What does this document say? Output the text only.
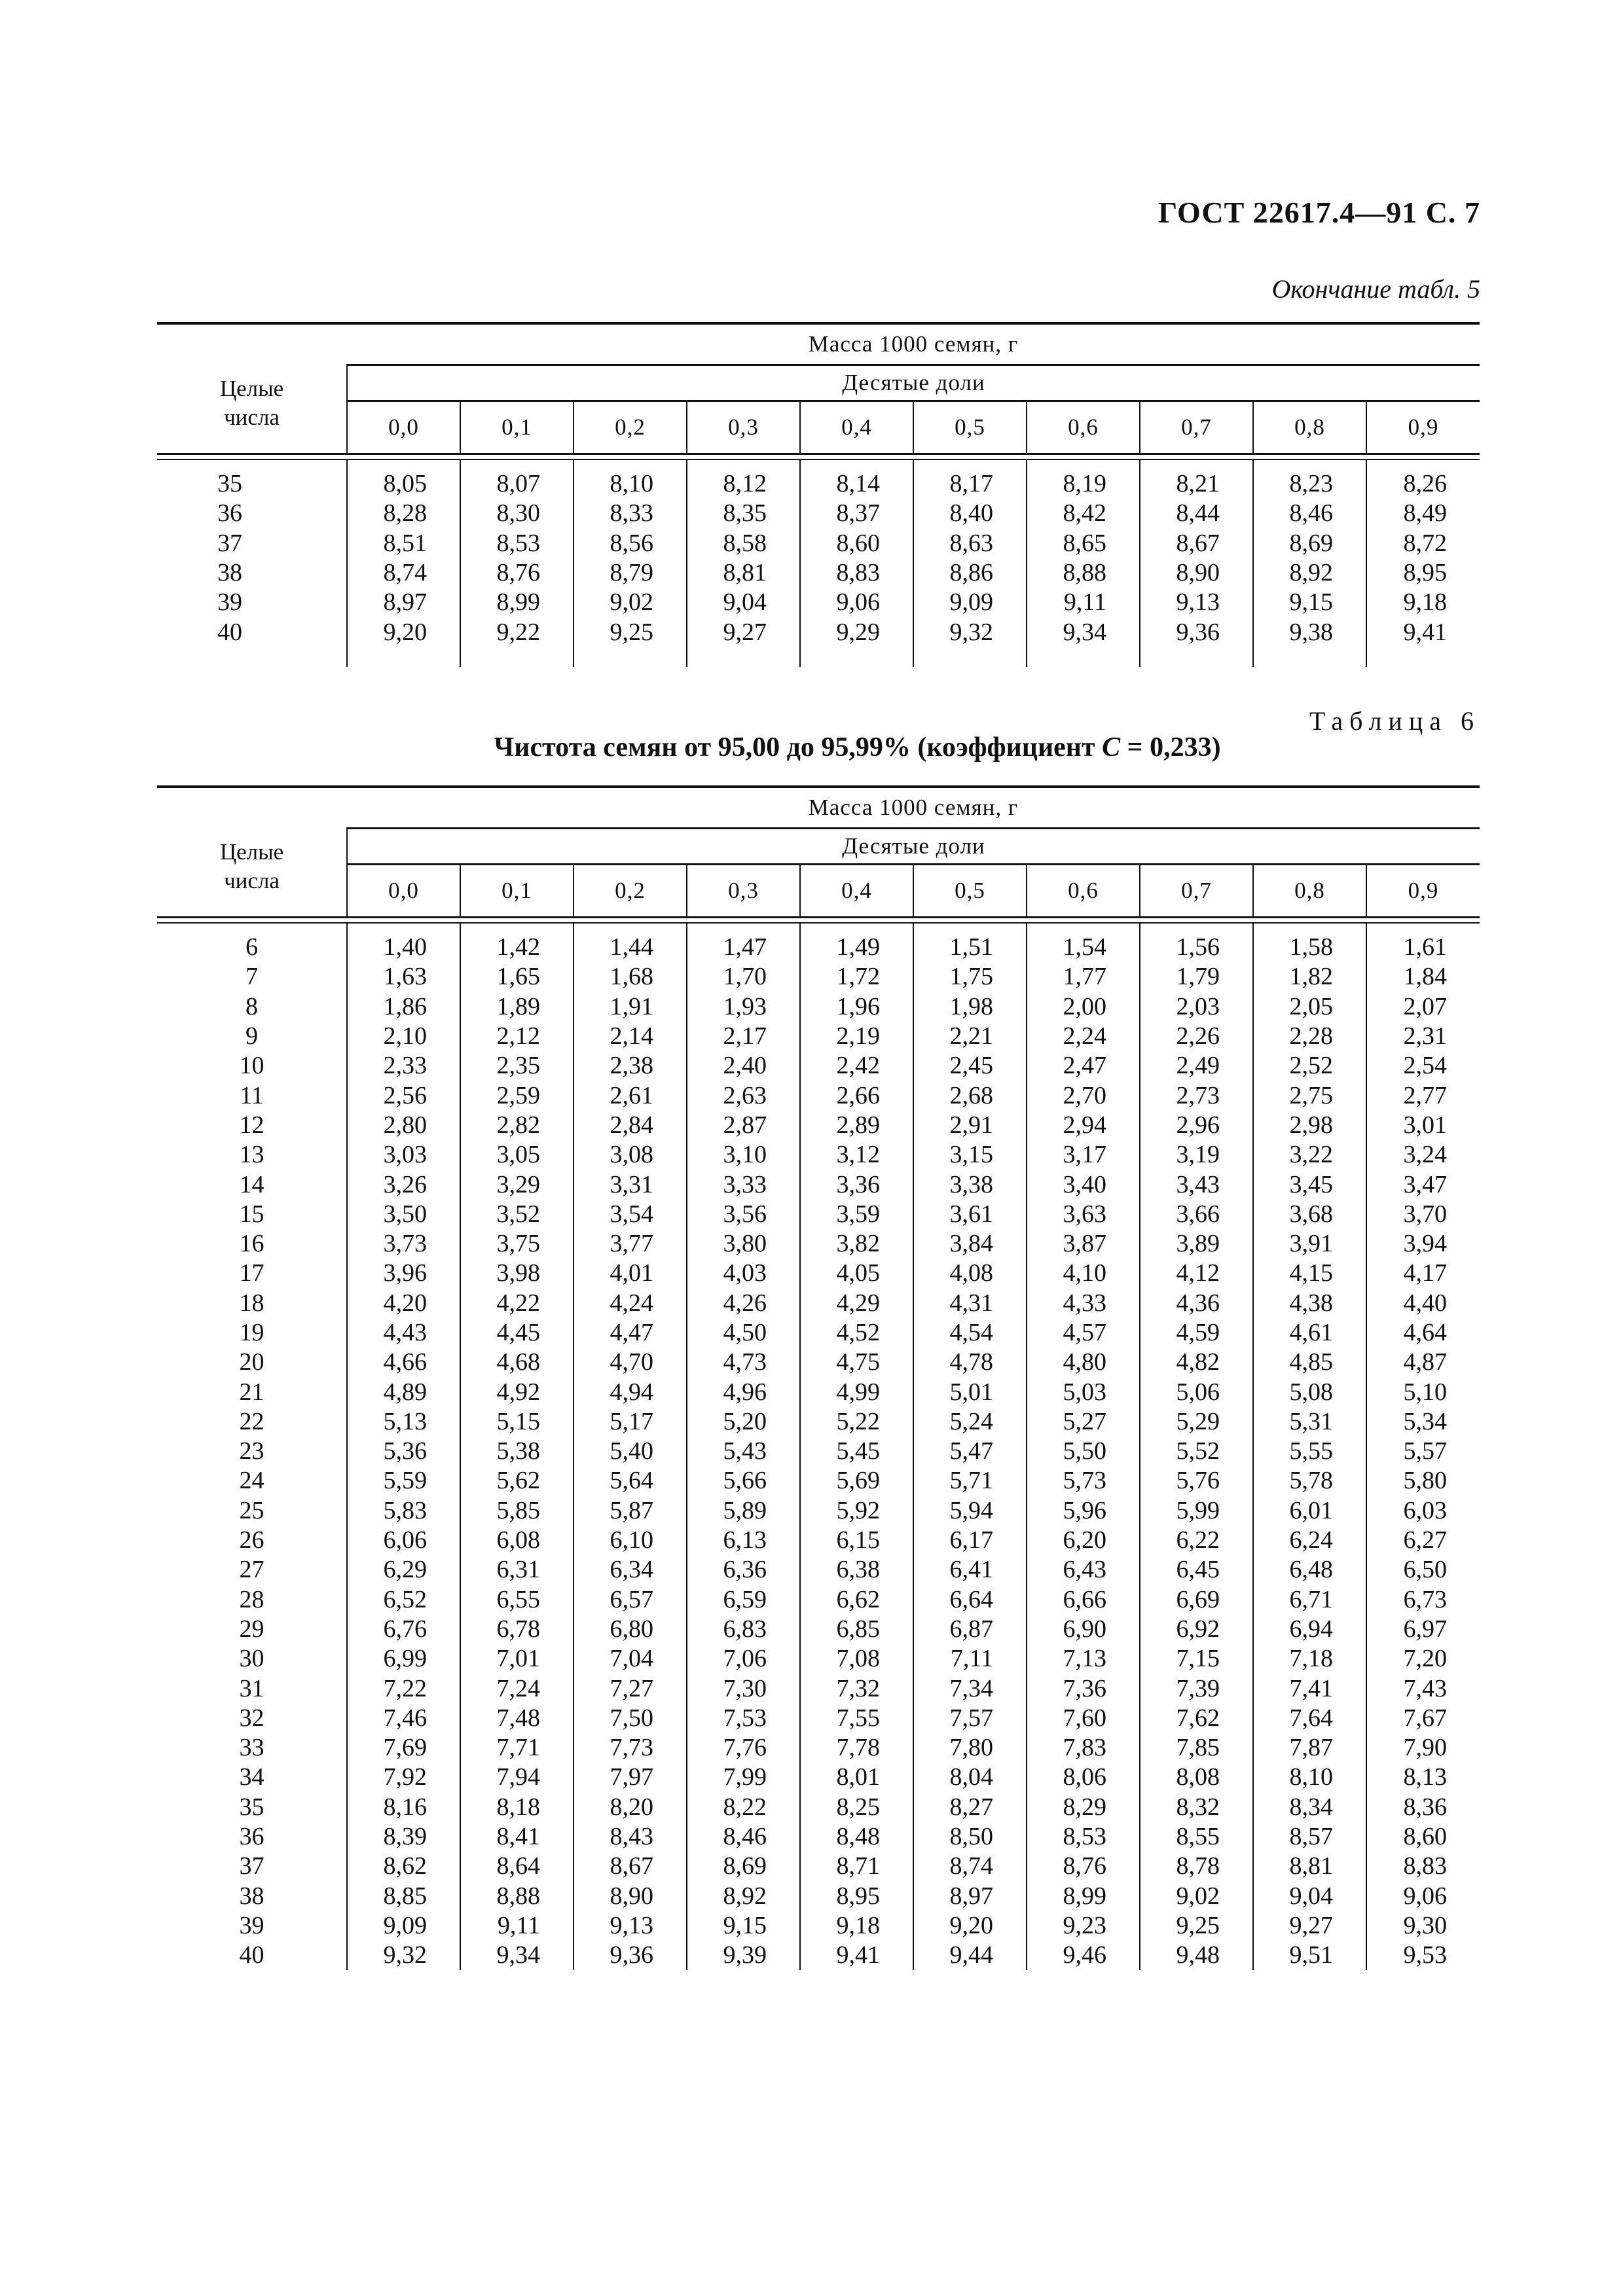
ГОСТ 22617.4—91 С. 7
Окончание табл. 5
Целые
числа	Масса 1000 семян, г									
	Десятые доли									
	0,0	0,1	0,2	0,3	0,4	0,5	0,6	0,7	0,8	0,9

35	8,05	8,07	8,10	8,12	8,14	8,17	8,19	8,21	8,23	8,26
36	8,28	8,30	8,33	8,35	8,37	8,40	8,42	8,44	8,46	8,49
37	8,51	8,53	8,56	8,58	8,60	8,63	8,65	8,67	8,69	8,72
38	8,74	8,76	8,79	8,81	8,83	8,86	8,88	8,90	8,92	8,95
39	8,97	8,99	9,02	9,04	9,06	9,09	9,11	9,13	9,15	9,18
40	9,20	9,22	9,25	9,27	9,29	9,32	9,34	9,36	9,38	9,41

Таблица 6
Чистота семян от 95,00 до 95,99% (коэффициент C = 0,233)
Целые
числа	Масса 1000 семян, г									
	Десятые доли									
	0,0	0,1	0,2	0,3	0,4	0,5	0,6	0,7	0,8	0,9

6	1,40	1,42	1,44	1,47	1,49	1,51	1,54	1,56	1,58	1,61
7	1,63	1,65	1,68	1,70	1,72	1,75	1,77	1,79	1,82	1,84
8	1,86	1,89	1,91	1,93	1,96	1,98	2,00	2,03	2,05	2,07
9	2,10	2,12	2,14	2,17	2,19	2,21	2,24	2,26	2,28	2,31
10	2,33	2,35	2,38	2,40	2,42	2,45	2,47	2,49	2,52	2,54
11	2,56	2,59	2,61	2,63	2,66	2,68	2,70	2,73	2,75	2,77
12	2,80	2,82	2,84	2,87	2,89	2,91	2,94	2,96	2,98	3,01
13	3,03	3,05	3,08	3,10	3,12	3,15	3,17	3,19	3,22	3,24
14	3,26	3,29	3,31	3,33	3,36	3,38	3,40	3,43	3,45	3,47
15	3,50	3,52	3,54	3,56	3,59	3,61	3,63	3,66	3,68	3,70
16	3,73	3,75	3,77	3,80	3,82	3,84	3,87	3,89	3,91	3,94
17	3,96	3,98	4,01	4,03	4,05	4,08	4,10	4,12	4,15	4,17
18	4,20	4,22	4,24	4,26	4,29	4,31	4,33	4,36	4,38	4,40
19	4,43	4,45	4,47	4,50	4,52	4,54	4,57	4,59	4,61	4,64
20	4,66	4,68	4,70	4,73	4,75	4,78	4,80	4,82	4,85	4,87
21	4,89	4,92	4,94	4,96	4,99	5,01	5,03	5,06	5,08	5,10
22	5,13	5,15	5,17	5,20	5,22	5,24	5,27	5,29	5,31	5,34
23	5,36	5,38	5,40	5,43	5,45	5,47	5,50	5,52	5,55	5,57
24	5,59	5,62	5,64	5,66	5,69	5,71	5,73	5,76	5,78	5,80
25	5,83	5,85	5,87	5,89	5,92	5,94	5,96	5,99	6,01	6,03
26	6,06	6,08	6,10	6,13	6,15	6,17	6,20	6,22	6,24	6,27
27	6,29	6,31	6,34	6,36	6,38	6,41	6,43	6,45	6,48	6,50
28	6,52	6,55	6,57	6,59	6,62	6,64	6,66	6,69	6,71	6,73
29	6,76	6,78	6,80	6,83	6,85	6,87	6,90	6,92	6,94	6,97
30	6,99	7,01	7,04	7,06	7,08	7,11	7,13	7,15	7,18	7,20
31	7,22	7,24	7,27	7,30	7,32	7,34	7,36	7,39	7,41	7,43
32	7,46	7,48	7,50	7,53	7,55	7,57	7,60	7,62	7,64	7,67
33	7,69	7,71	7,73	7,76	7,78	7,80	7,83	7,85	7,87	7,90
34	7,92	7,94	7,97	7,99	8,01	8,04	8,06	8,08	8,10	8,13
35	8,16	8,18	8,20	8,22	8,25	8,27	8,29	8,32	8,34	8,36
36	8,39	8,41	8,43	8,46	8,48	8,50	8,53	8,55	8,57	8,60
37	8,62	8,64	8,67	8,69	8,71	8,74	8,76	8,78	8,81	8,83
38	8,85	8,88	8,90	8,92	8,95	8,97	8,99	9,02	9,04	9,06
39	9,09	9,11	9,13	9,15	9,18	9,20	9,23	9,25	9,27	9,30
40	9,32	9,34	9,36	9,39	9,41	9,44	9,46	9,48	9,51	9,53
